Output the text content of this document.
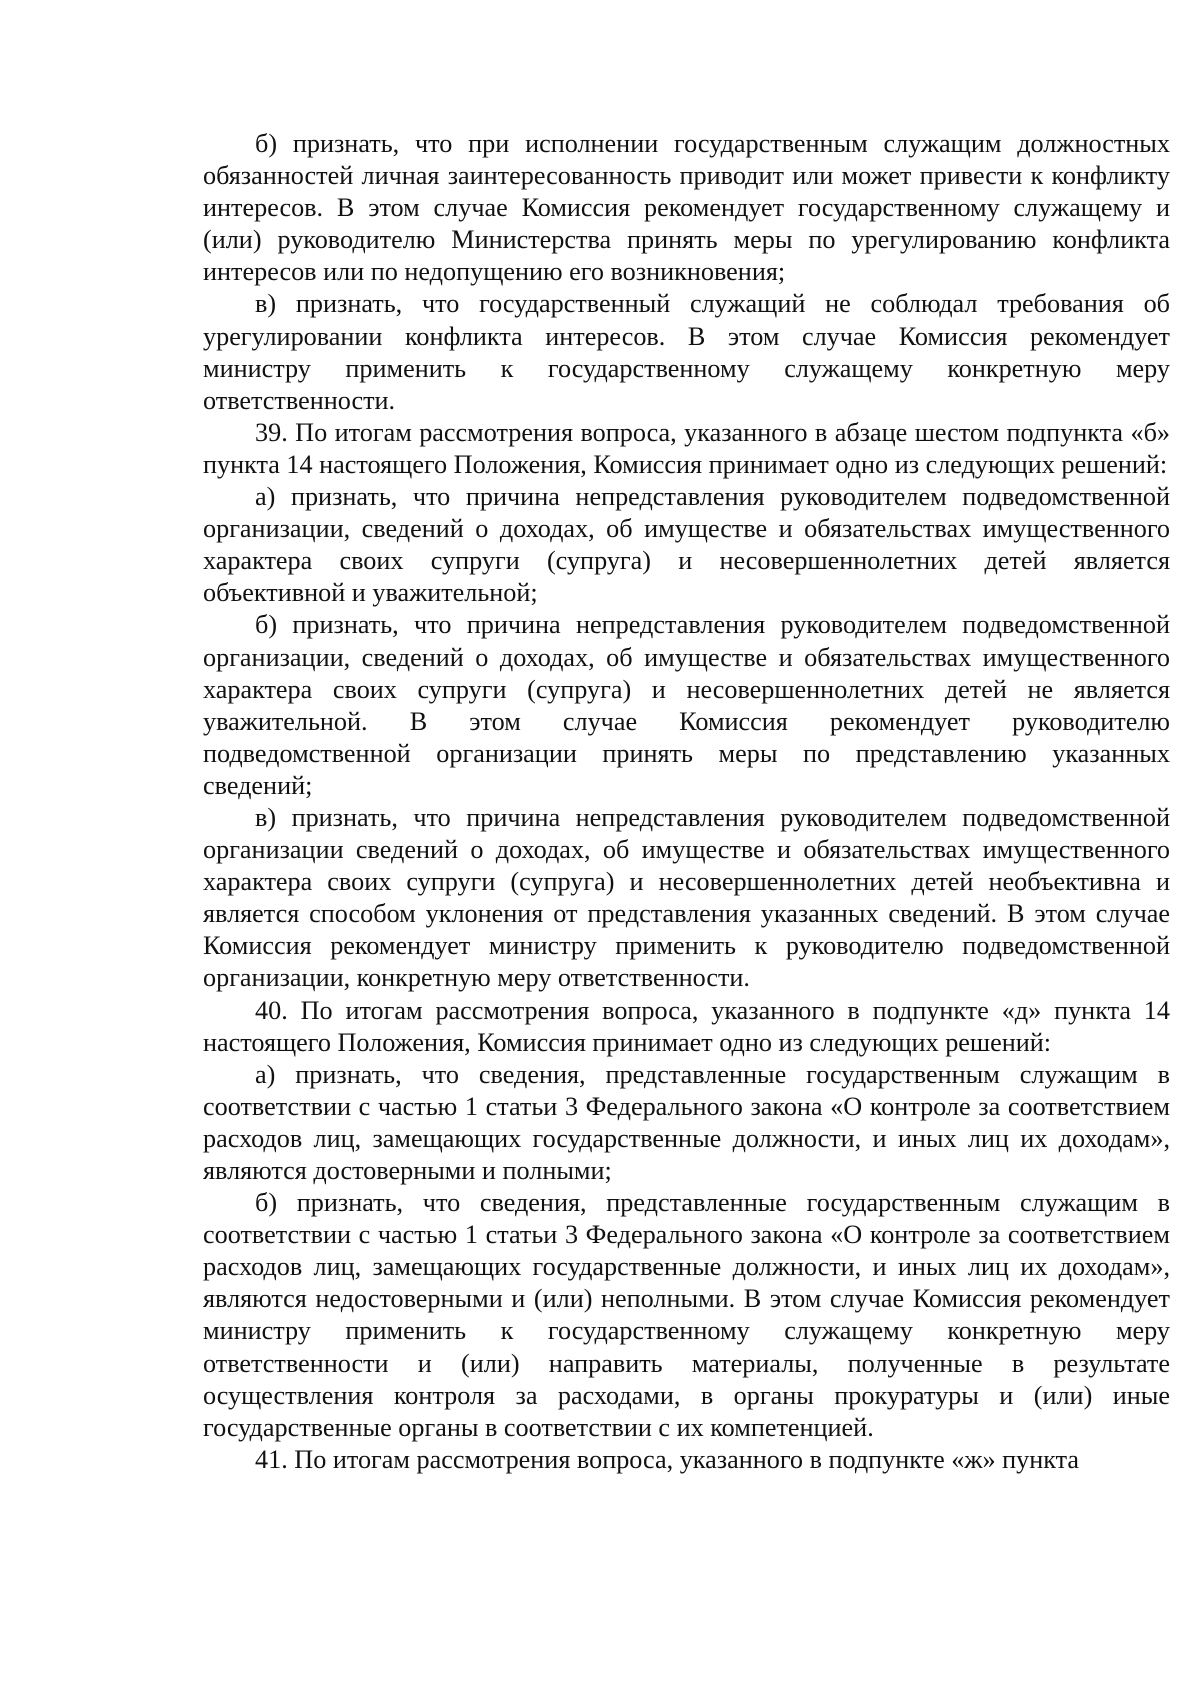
б) признать, что при исполнении государственным служащим должностных обязанностей личная заинтересованность приводит или может привести к конфликту интересов. В этом случае Комиссия рекомендует государственному служащему и (или) руководителю Министерства принять меры по урегулированию конфликта интересов или по недопущению его возникновения;

в) признать, что государственный служащий не соблюдал требования об урегулировании конфликта интересов. В этом случае Комиссия рекомендует министру применить к государственному служащему конкретную меру ответственности.

39. По итогам рассмотрения вопроса, указанного в абзаце шестом подпункта «б» пункта 14 настоящего Положения, Комиссия принимает одно из следующих решений:

а) признать, что причина непредставления руководителем подведомственной организации, сведений о доходах, об имуществе и обязательствах имущественного характера своих супруги (супруга) и несовершеннолетних детей является объективной и уважительной;

б) признать, что причина непредставления руководителем подведомственной организации, сведений о доходах, об имуществе и обязательствах имущественного характера своих супруги (супруга) и несовершеннолетних детей не является уважительной. В этом случае Комиссия рекомендует руководителю подведомственной организации принять меры по представлению указанных сведений;

в) признать, что причина непредставления руководителем подведомственной организации сведений о доходах, об имуществе и обязательствах имущественного характера своих супруги (супруга) и несовершеннолетних детей необъективна и является способом уклонения от представления указанных сведений. В этом случае Комиссия рекомендует министру применить к руководителю подведомственной организации, конкретную меру ответственности.

40. По итогам рассмотрения вопроса, указанного в подпункте «д» пункта 14 настоящего Положения, Комиссия принимает одно из следующих решений:

а) признать, что сведения, представленные государственным служащим в соответствии с частью 1 статьи 3 Федерального закона «О контроле за соответствием расходов лиц, замещающих государственные должности, и иных лиц их доходам», являются достоверными и полными;

б) признать, что сведения, представленные государственным служащим в соответствии с частью 1 статьи 3 Федерального закона «О контроле за соответствием расходов лиц, замещающих государственные должности, и иных лиц их доходам», являются недостоверными и (или) неполными. В этом случае Комиссия рекомендует министру применить к государственному служащему конкретную меру ответственности и (или) направить материалы, полученные в результате осуществления контроля за расходами, в органы прокуратуры и (или) иные государственные органы в соответствии с их компетенцией.

41. По итогам рассмотрения вопроса, указанного в подпункте «ж» пункта
